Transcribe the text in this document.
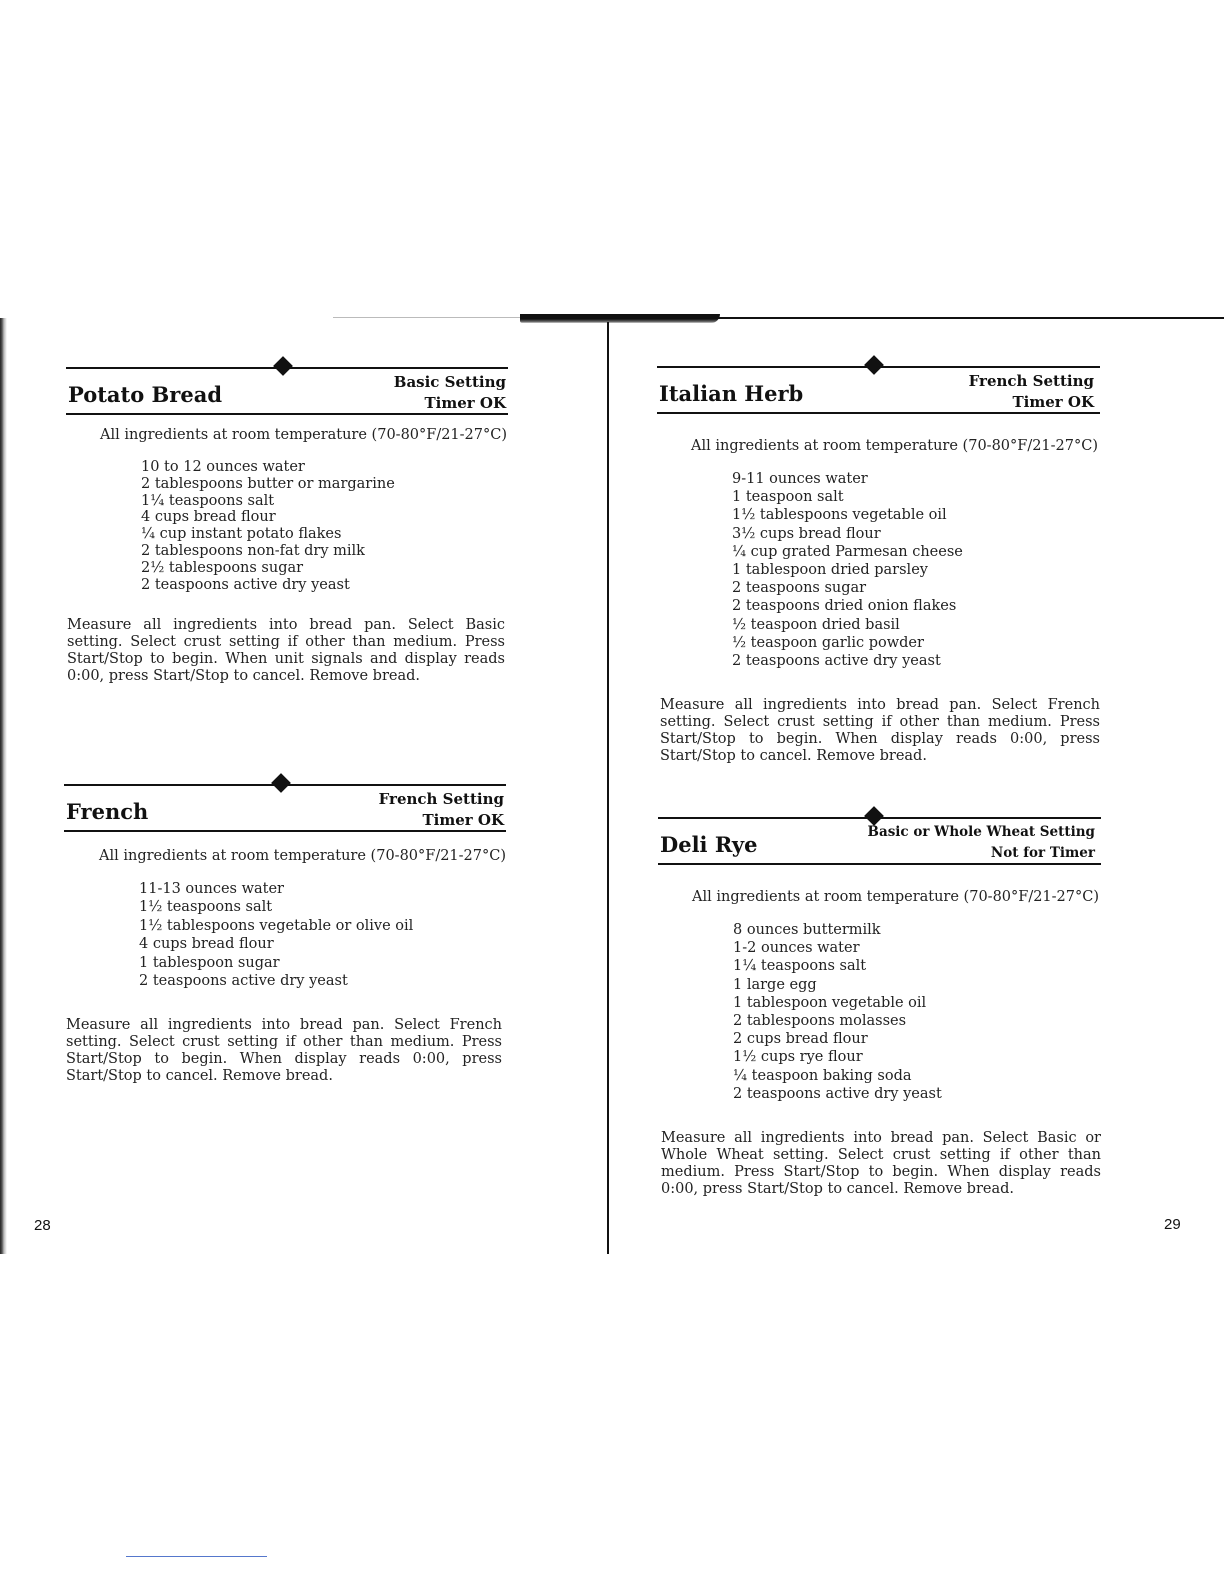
Potato Bread	Basic Setting
Timer OK
All ingredients at room temperature (70-80°F/21-27°C)
10 to 12 ounces water
2 tablespoons butter or margarine
1¼ teaspoons salt
4 cups bread flour
¼ cup instant potato flakes
2 tablespoons non-fat dry milk
2½ tablespoons sugar
2 teaspoons active dry yeast

Measure all ingredients into bread pan. Select Basic setting. Select crust setting if other than medium. Press Start/Stop to begin. When unit signals and display reads 0:00, press Start/Stop to cancel. Remove bread.

French	French Setting
Timer OK
All ingredients at room temperature (70-80°F/21-27°C)
11-13 ounces water
1½ teaspoons salt
1½ tablespoons vegetable or olive oil
4 cups bread flour
1 tablespoon sugar
2 teaspoons active dry yeast

Measure all ingredients into bread pan. Select French setting. Select crust setting if other than medium. Press Start/Stop to begin. When display reads 0:00, press Start/Stop to cancel. Remove bread.

28
Italian Herb	French Setting
Timer OK
All ingredients at room temperature (70-80°F/21-27°C)
9-11 ounces water
1 teaspoon salt
1½ tablespoons vegetable oil
3½ cups bread flour
¼ cup grated Parmesan cheese
1 tablespoon dried parsley
2 teaspoons sugar
2 teaspoons dried onion flakes
½ teaspoon dried basil
½ teaspoon garlic powder
2 teaspoons active dry yeast

Measure all ingredients into bread pan. Select French setting. Select crust setting if other than medium. Press Start/Stop to begin. When display reads 0:00, press Start/Stop to cancel. Remove bread.

Deli Rye	Basic or Whole Wheat Setting
Not for Timer
All ingredients at room temperature (70-80°F/21-27°C)
8 ounces buttermilk
1-2 ounces water
1¼ teaspoons salt
1 large egg
1 tablespoon vegetable oil
2 tablespoons molasses
2 cups bread flour
1½ cups rye flour
¼ teaspoon baking soda
2 teaspoons active dry yeast

Measure all ingredients into bread pan. Select Basic or Whole Wheat setting. Select crust setting if other than medium. Press Start/Stop to begin. When display reads 0:00, press Start/Stop to cancel. Remove bread.

29
